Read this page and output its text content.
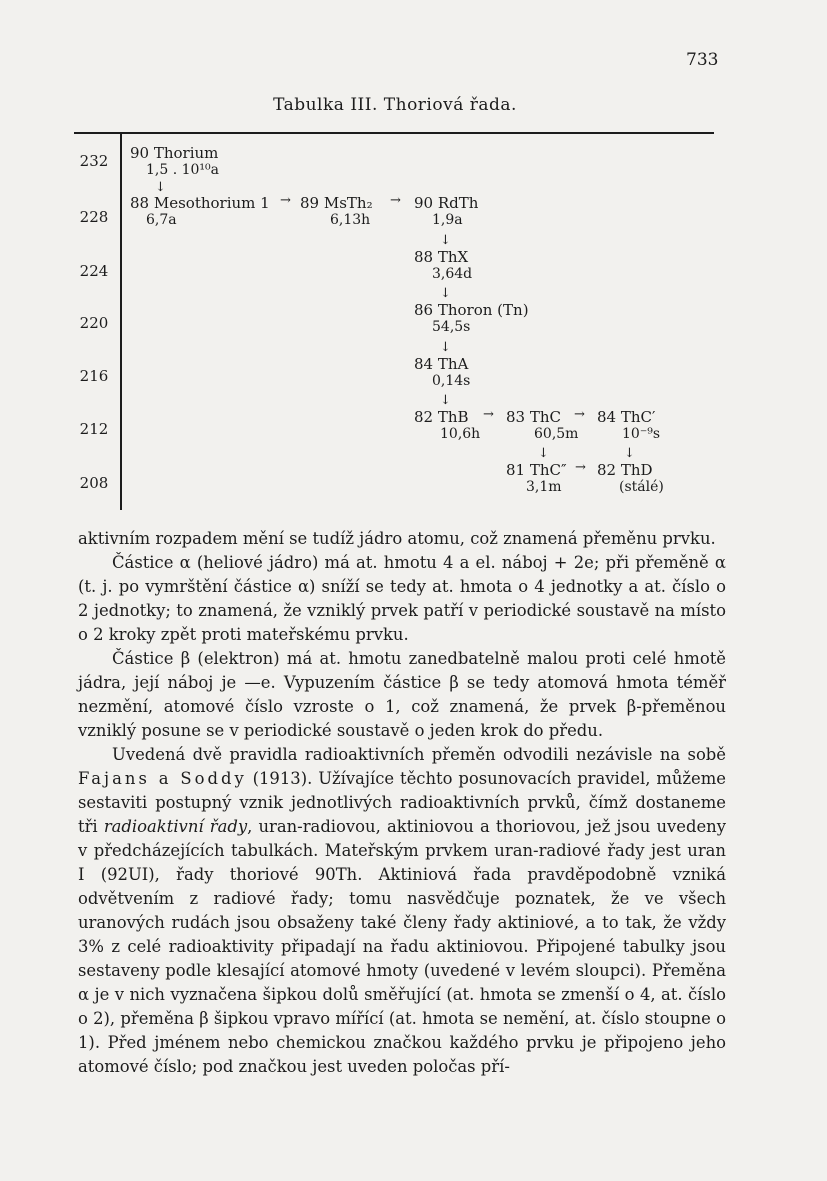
733
Tabulka III. Thoriová řada.
232
228
224
220
216
212
208
90 Thorium
1,5 . 10¹⁰a
↓
88 Mesothorium 1
6,7a
→ 89 MsTh₂
6,13h
→ 90 RdTh
1,9a
↓
88 ThX
3,64d
↓
86 Thoron (Tn)
54,5s
↓
84 ThA
0,14s
↓
82 ThB
10,6h
→ 83 ThC
60,5m
→ 84 ThC′
10⁻⁹s
↓	↓
81 ThC″
3,1m
→ 82 ThD
(stálé)

aktivním rozpadem mění se tudíž jádro atomu, což znamená přeměnu prvku.

Částice α (heliové jádro) má at. hmotu 4 a el. náboj + 2e; při přeměně α (t. j. po vymrštění částice α) sníží se tedy at. hmota o 4 jednotky a at. číslo o 2 jednotky; to znamená, že vzniklý prvek patří v periodické soustavě na místo o 2 kroky zpět proti mateřskému prvku.

Částice β (elektron) má at. hmotu zanedbatelně malou proti celé hmotě jádra, její náboj je —e. Vypuzením částice β se tedy atomová hmota téměř nezmění, atomové číslo vzroste o 1, což znamená, že prvek β-přeměnou vzniklý posune se v periodické soustavě o jeden krok do předu.

Uvedená dvě pravidla radioaktivních přeměn odvodili nezávisle na sobě Fajans a Soddy (1913). Užívajíce těchto posunovacích pravidel, můžeme sestaviti postupný vznik jednotlivých radioaktivních prvků, čímž dostaneme tři radioaktivní řady, uran-radiovou, aktiniovou a thoriovou, jež jsou uvedeny v předcházejících tabulkách. Mateřským prvkem uran-radiové řady jest uran I (92UI), řady thoriové 90Th. Aktiniová řada pravděpodobně vzniká odvětvením z radiové řady; tomu nasvědčuje poznatek, že ve všech uranových rudách jsou obsaženy také členy řady aktiniové, a to tak, že vždy 3% z celé radioaktivity připadají na řadu aktiniovou. Připojené tabulky jsou sestaveny podle klesající atomové hmoty (uvedené v levém sloupci). Přeměna α je v nich vyznačena šipkou dolů směřující (at. hmota se zmenší o 4, at. číslo o 2), přeměna β šipkou vpravo mířící (at. hmota se nemění, at. číslo stoupne o 1). Před jménem nebo chemickou značkou každého prvku je připojeno jeho atomové číslo; pod značkou jest uveden poločas pří-
